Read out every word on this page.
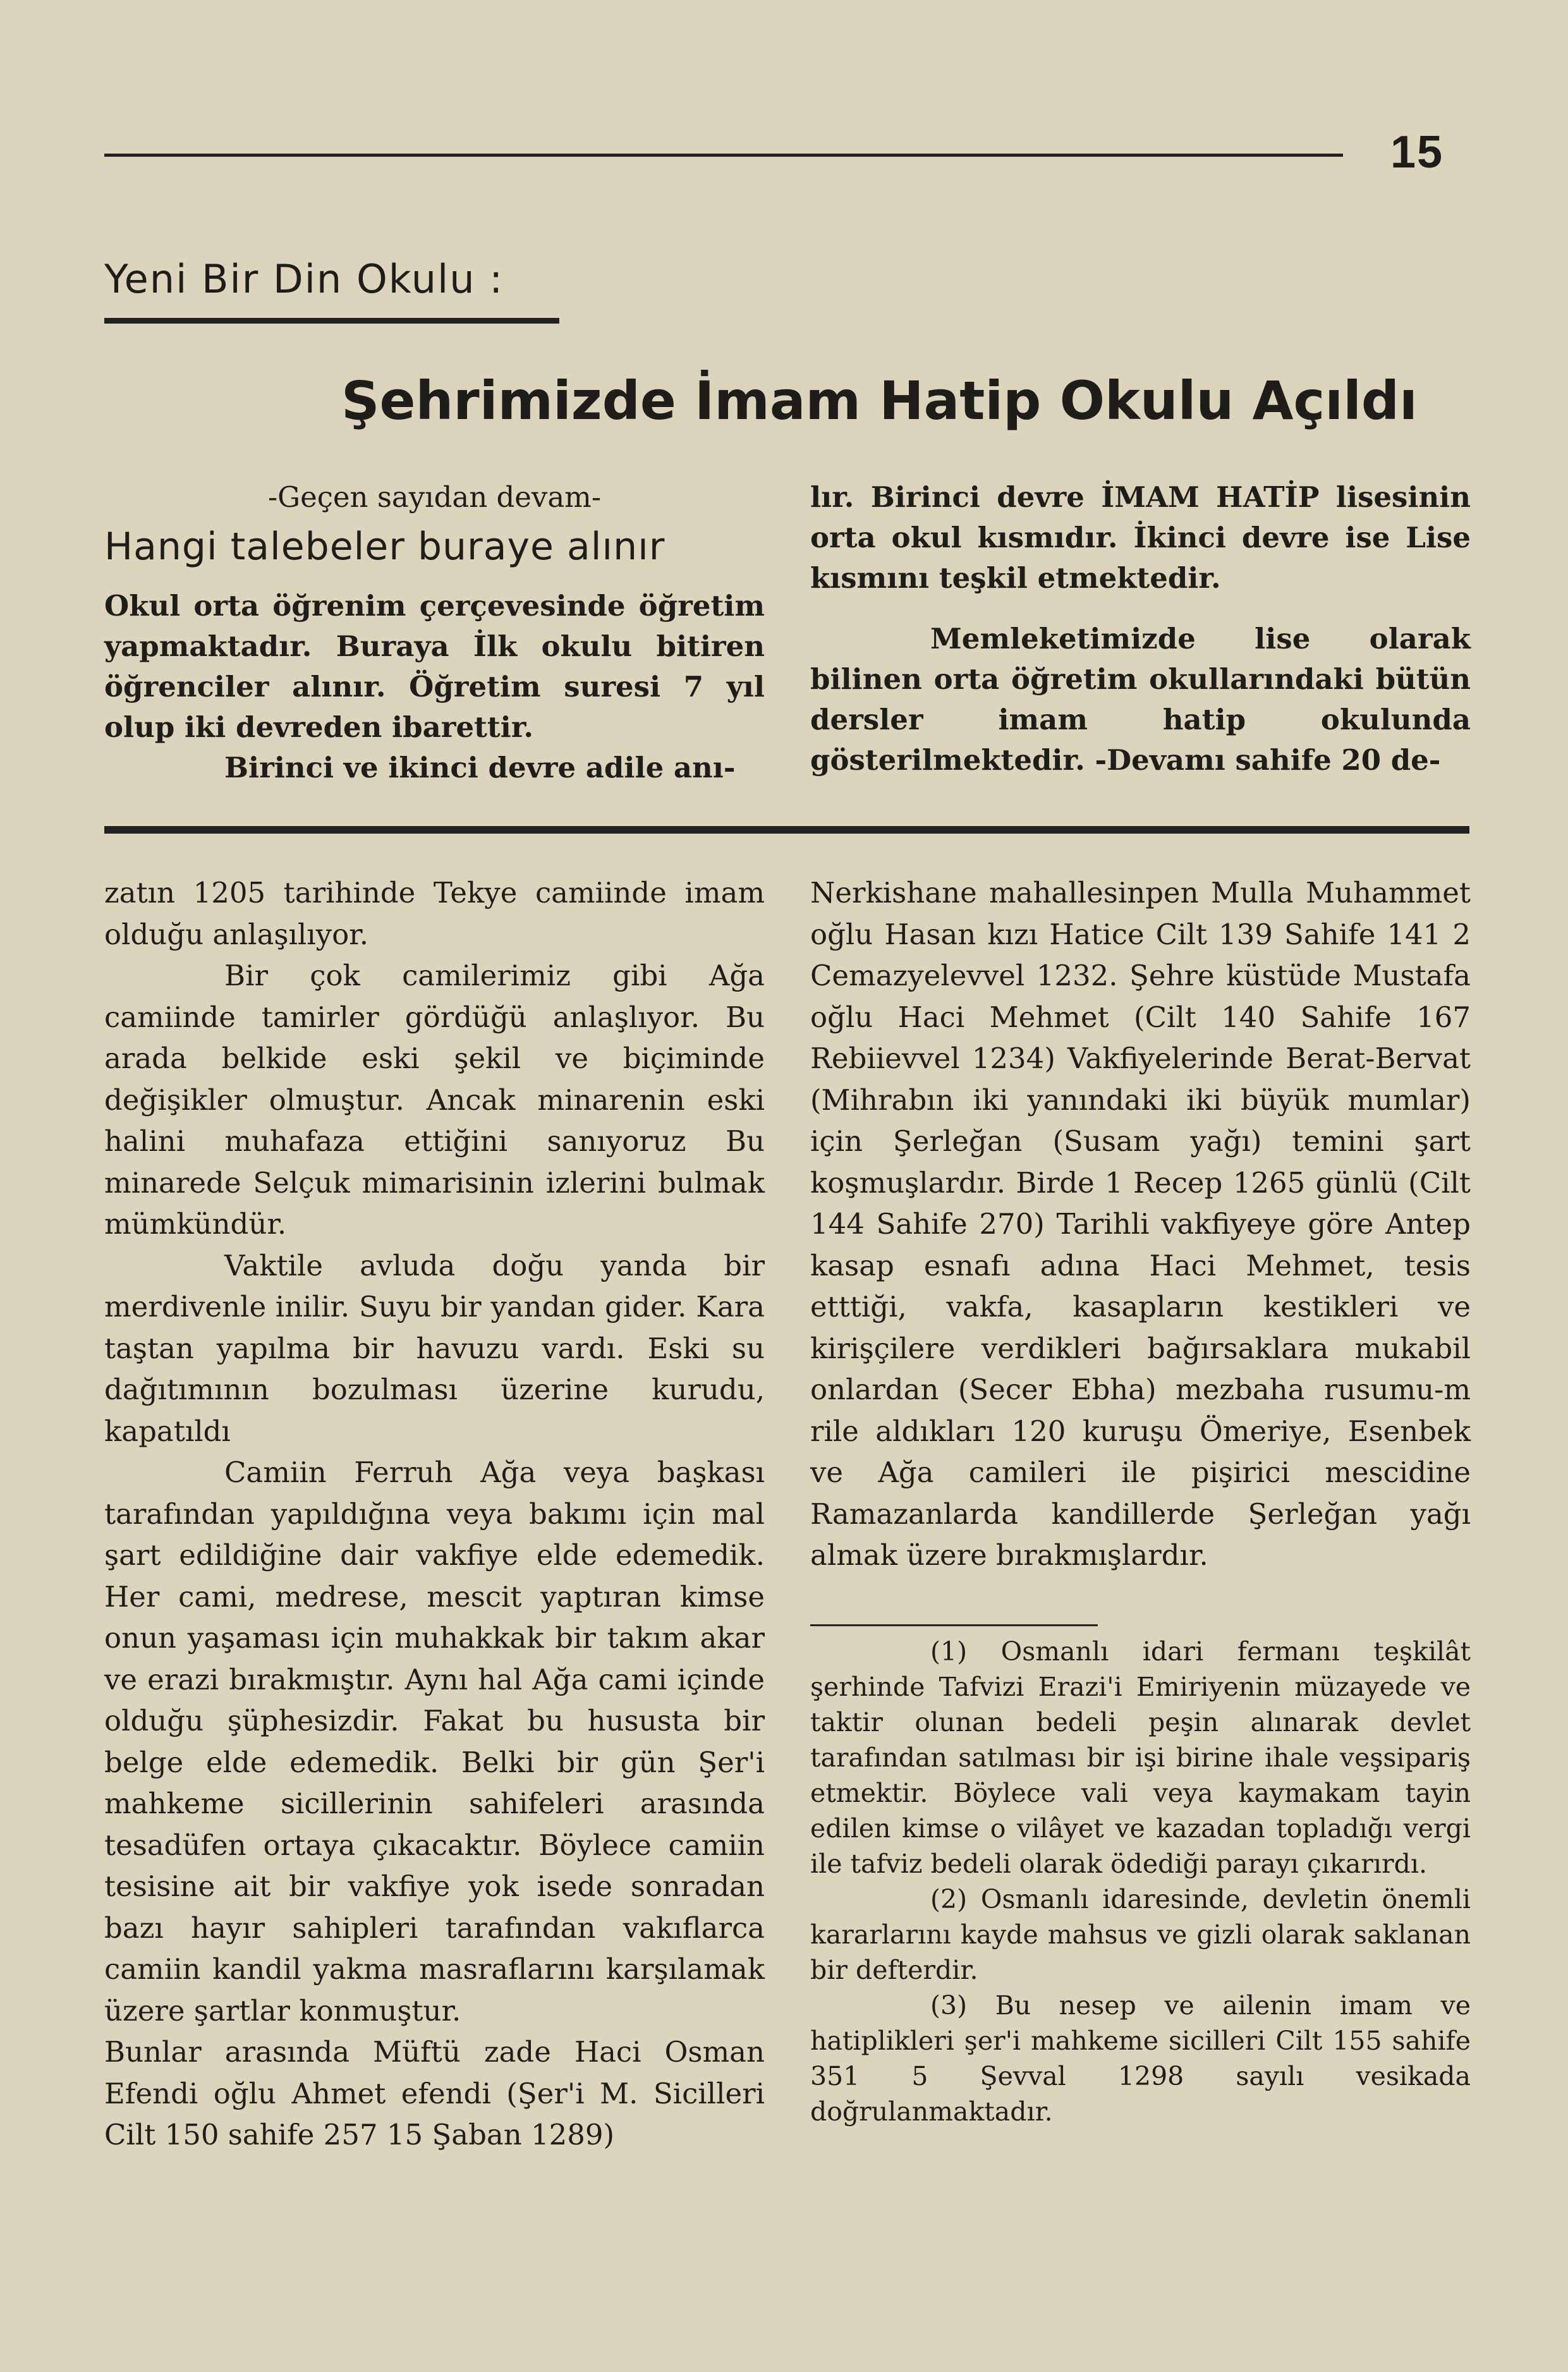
15
Yeni Bir Din Okulu :
Şehrimizde İmam Hatip Okulu Açıldı

-Geçen sayıdan devam-

Hangi talebeler buraye alınır

Okul orta öğrenim çerçevesinde öğretim yapmaktadır. Buraya İlk okulu bitiren öğrenciler alınır. Öğretim suresi 7 yıl olup iki devreden ibarettir.

Birinci ve ikinci devre adile anı-

lır. Birinci devre İMAM HATİP lisesinin orta okul kısmıdır. İkinci devre ise Lise kısmını teşkil etmektedir.

Memleketimizde lise olarak bilinen orta öğretim okullarındaki bütün dersler imam hatip okulunda gösterilmektedir. -Devamı sahife 20 de-

zatın 1205 tarihinde Tekye camiinde imam olduğu anlaşılıyor.

Bir çok camilerimiz gibi Ağa camiinde tamirler gördüğü anlaşlıyor. Bu arada belkide eski şekil ve biçiminde değişikler olmuştur. Ancak minarenin eski halini muhafaza ettiğini sanıyoruz Bu minarede Selçuk mimarisinin izlerini bulmak mümkündür.

Vaktile avluda doğu yanda bir merdivenle inilir. Suyu bir yandan gider. Kara taştan yapılma bir havuzu vardı. Eski su dağıtımının bozulması üzerine kurudu, kapatıldı

Camiin Ferruh Ağa veya başkası tarafından yapıldığına veya bakımı için mal şart edildiğine dair vakfiye elde edemedik. Her cami, medrese, mescit yaptıran kimse onun yaşaması için muhakkak bir takım akar ve erazi bırakmıştır. Aynı hal Ağa cami içinde olduğu şüphesizdir. Fakat bu hususta bir belge elde edemedik. Belki bir gün Şer'i mahkeme sicillerinin sahifeleri arasında tesadüfen ortaya çıkacaktır. Böylece camiin tesisine ait bir vakfiye yok isede sonradan bazı hayır sahipleri tarafından vakıflarca camiin kandil yakma masraflarını karşılamak üzere şartlar konmuştur.

Bunlar arasında Müftü zade Haci Osman Efendi oğlu Ahmet efendi (Şer'i M. Sicilleri Cilt 150 sahife 257 15 Şaban 1289)

Nerkishane mahallesinpen Mulla Muhammet oğlu Hasan kızı Hatice Cilt 139 Sahife 141 2 Cemazyelevvel 1232. Şehre küstüde Mustafa oğlu Haci Mehmet (Cilt 140 Sahife 167 Rebiievvel 1234) Vakfiyelerinde Berat-Bervat (Mihrabın iki yanındaki iki büyük mumlar) için Şerleğan (Susam yağı) temini şart koşmuşlardır. Birde 1 Recep 1265 günlü (Cilt 144 Sahife 270) Tarihli vakfiyeye göre Antep kasap esnafı adına Haci Mehmet, tesis etttiği, vakfa, kasapların kestikleri ve kirişçilere verdikleri bağırsaklara mukabil onlardan (Secer Ebha) mezbaha rusumu-m rile aldıkları 120 kuruşu Ömeriye, Esenbek ve Ağa camileri ile pişirici mescidine Ramazanlarda kandillerde Şerleğan yağı almak üzere bırakmışlardır.

(1) Osmanlı idari fermanı teşkilât şerhinde Tafvizi Erazi'i Emiriyenin müzayede ve taktir olunan bedeli peşin alınarak devlet tarafından satılması bir işi birine ihale veşsipariş etmektir. Böylece vali veya kaymakam tayin edilen kimse o vilâyet ve kazadan topladığı vergi ile tafviz bedeli olarak ödediği parayı çıkarırdı.

(2) Osmanlı idaresinde, devletin önemli kararlarını kayde mahsus ve gizli olarak saklanan bir defterdir.

(3) Bu nesep ve ailenin imam ve hatiplikleri şer'i mahkeme sicilleri Cilt 155 sahife 351 5 Şevval 1298 sayılı vesikada doğrulanmaktadır.
